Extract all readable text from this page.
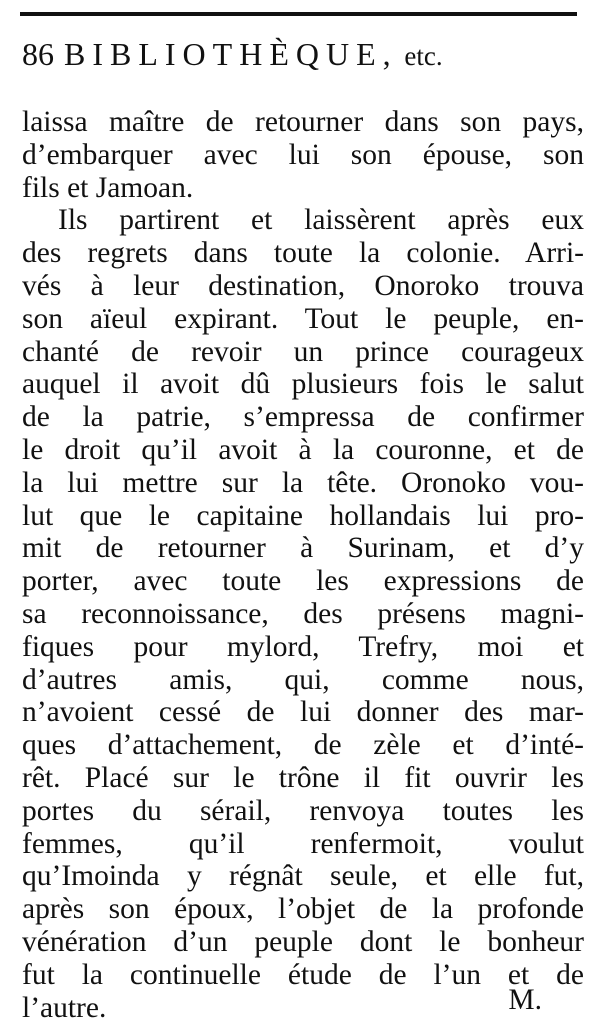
86 BIBLIOTHÈQUE, etc.
laissa maître de retourner dans son pays,
d’embarquer avec lui son épouse, son
fils et Jamoan.
Ils partirent et laissèrent après eux
des regrets dans toute la colonie. Arri-
vés à leur destination, Onoroko trouva
son aïeul expirant. Tout le peuple, en-
chanté de revoir un prince courageux
auquel il avoit dû plusieurs fois le salut
de la patrie, s’empressa de confirmer
le droit qu’il avoit à la couronne, et de
la lui mettre sur la tête. Oronoko vou-
lut que le capitaine hollandais lui pro-
mit de retourner à Surinam, et d’y
porter, avec toute les expressions de
sa reconnoissance, des présens magni-
fiques pour mylord, Trefry, moi et
d’autres amis, qui, comme nous,
n’avoient cessé de lui donner des mar-
ques d’attachement, de zèle et d’inté-
rêt. Placé sur le trône il fit ouvrir les
portes du sérail, renvoya toutes les
femmes, qu’il renfermoit, voulut
qu’Imoinda y régnât seule, et elle fut,
après son époux, l’objet de la profonde
vénération d’un peuple dont le bonheur
fut la continuelle étude de l’un et de
l’autre.	M.
